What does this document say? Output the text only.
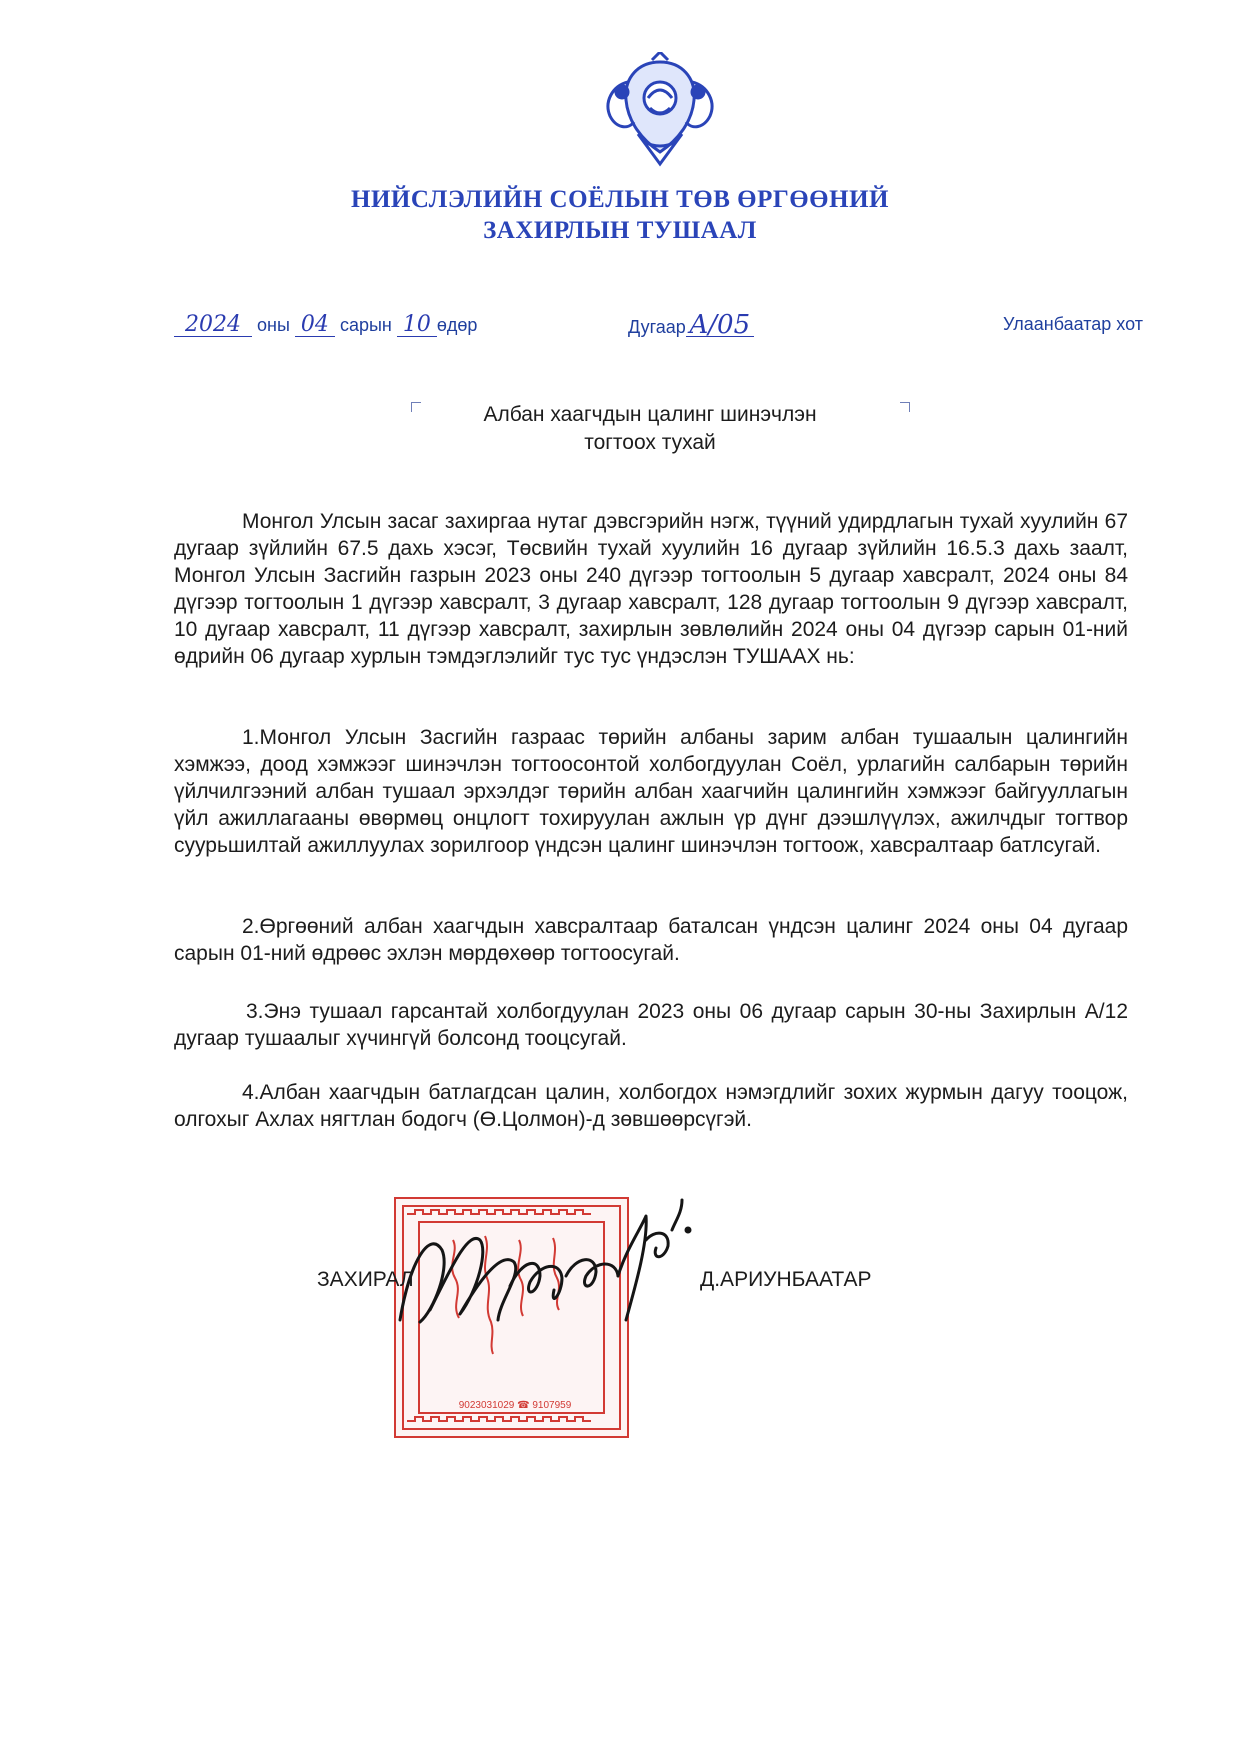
НИЙСЛЭЛИЙН СОЁЛЫН ТӨВ ӨРГӨӨНИЙ
ЗАХИРЛЫН ТУШААЛ
2024 оны 04 сарын 10 өдөр	Дугаар A/05	Улаанбаатар хот
Албан хаагчдын цалинг шинэчлэн
тогтоох тухай

Монгол Улсын засаг захиргаа нутаг дэвсгэрийн нэгж, түүний удирдлагын тухай хуулийн 67 дугаар зүйлийн 67.5 дахь хэсэг, Төсвийн тухай хуулийн 16 дугаар зүйлийн 16.5.3 дахь заалт, Монгол Улсын Засгийн газрын 2023 оны 240 дүгээр тогтоолын 5 дугаар хавсралт, 2024 оны 84 дүгээр тогтоолын 1 дүгээр хавсралт, 3 дугаар хавсралт, 128 дугаар тогтоолын 9 дүгээр хавсралт, 10 дугаар хавсралт, 11 дүгээр хавсралт, захирлын зөвлөлийн 2024 оны 04 дүгээр сарын 01-ний өдрийн 06 дугаар хурлын тэмдэглэлийг тус тус үндэслэн ТУШААХ нь:

1.Монгол Улсын Засгийн газраас төрийн албаны зарим албан тушаалын цалингийн хэмжээ, доод хэмжээг шинэчлэн тогтоосонтой холбогдуулан Соёл, урлагийн салбарын төрийн үйлчилгээний албан тушаал эрхэлдэг төрийн албан хаагчийн цалингийн хэмжээг байгууллагын үйл ажиллагааны өвөрмөц онцлогт тохируулан ажлын үр дүнг дээшлүүлэх, ажилчдыг тогтвор суурьшилтай ажиллуулах зорилгоор үндсэн цалинг шинэчлэн тогтоож, хавсралтаар батлсугай.

2.Өргөөний албан хаагчдын хавсралтаар баталсан үндсэн цалинг 2024 оны 04 дугаар сарын 01-ний өдрөөс эхлэн мөрдөхөөр тогтоосугай.

3.Энэ тушаал гарсантай холбогдуулан 2023 оны 06 дугаар сарын 30-ны Захирлын А/12 дугаар тушаалыг хүчингүй болсонд тооцсугай.

4.Албан хаагчдын батлагдсан цалин, холбогдох нэмэгдлийг зохих журмын дагуу тооцож, олгохыг Ахлах нягтлан бодогч (Ө.Цолмон)-д зөвшөөрсүгэй.

9023031029 ☎ 9107959
ЗАХИРАЛ	Д.АРИУНБААТАР
